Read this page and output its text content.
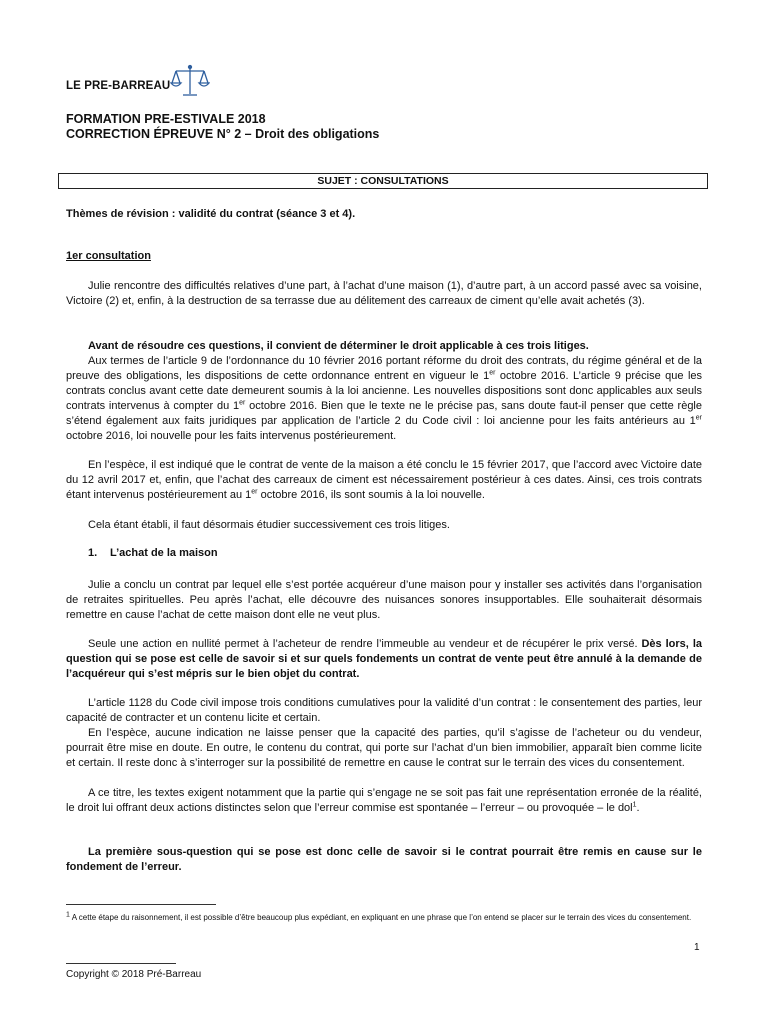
LE PRE-BARREAU
FORMATION PRE-ESTIVALE 2018
CORRECTION ÉPREUVE N° 2 – Droit des obligations
SUJET : CONSULTATIONS
Thèmes de révision : validité du contrat (séance 3 et 4).
1er consultation

Julie rencontre des difficultés relatives d’une part, à l’achat d’une maison (1), d’autre part, à un accord passé avec sa voisine, Victoire (2) et, enfin, à la destruction de sa terrasse due au délitement des carreaux de ciment qu’elle avait achetés (3).

Avant de résoudre ces questions, il convient de déterminer le droit applicable à ces trois litiges.

Aux termes de l’article 9 de l’ordonnance du 10 février 2016 portant réforme du droit des contrats, du régime général et de la preuve des obligations, les dispositions de cette ordonnance entrent en vigueur le 1er octobre 2016. L’article 9 précise que les contrats conclus avant cette date demeurent soumis à la loi ancienne. Les nouvelles dispositions sont donc applicables aux seuls contrats intervenus à compter du 1er octobre 2016. Bien que le texte ne le précise pas, sans doute faut-il penser que cette règle s’étend également aux faits juridiques par application de l’article 2 du Code civil : loi ancienne pour les faits antérieurs au 1er octobre 2016, loi nouvelle pour les faits intervenus postérieurement.

En l’espèce, il est indiqué que le contrat de vente de la maison a été conclu le 15 février 2017, que l’accord avec Victoire date du 12 avril 2017 et, enfin, que l’achat des carreaux de ciment est nécessairement postérieur à ces dates. Ainsi, ces trois contrats étant intervenus postérieurement au 1er octobre 2016, ils sont soumis à la loi nouvelle.

Cela étant établi, il faut désormais étudier successivement ces trois litiges.

1. L’achat de la maison

Julie a conclu un contrat par lequel elle s’est portée acquéreur d’une maison pour y installer ses activités dans l’organisation de retraites spirituelles. Peu après l’achat, elle découvre des nuisances sonores insupportables. Elle souhaiterait désormais remettre en cause l’achat de cette maison dont elle ne veut plus.

Seule une action en nullité permet à l’acheteur de rendre l’immeuble au vendeur et de récupérer le prix versé. Dès lors, la question qui se pose est celle de savoir si et sur quels fondements un contrat de vente peut être annulé à la demande de l’acquéreur qui s’est mépris sur le bien objet du contrat.

L’article 1128 du Code civil impose trois conditions cumulatives pour la validité d’un contrat : le consentement des parties, leur capacité de contracter et un contenu licite et certain.

En l’espèce, aucune indication ne laisse penser que la capacité des parties, qu’il s’agisse de l’acheteur ou du vendeur, pourrait être mise en doute. En outre, le contenu du contrat, qui porte sur l’achat d’un bien immobilier, apparaît bien comme licite et certain. Il reste donc à s’interroger sur la possibilité de remettre en cause le contrat sur le terrain des vices du consentement.

A ce titre, les textes exigent notamment que la partie qui s’engage ne se soit pas fait une représentation erronée de la réalité, le droit lui offrant deux actions distinctes selon que l’erreur commise est spontanée – l’erreur – ou provoquée – le dol$^1$.

La première sous-question qui se pose est donc celle de savoir si le contrat pourrait être remis en cause sur le fondement de l’erreur.

$^1$ A cette étape du raisonnement, il est possible d’être beaucoup plus expédiant, en expliquant en une phrase que l’on entend se placer sur le terrain des vices du consentement.
1
Copyright © 2018 Pré-Barreau
